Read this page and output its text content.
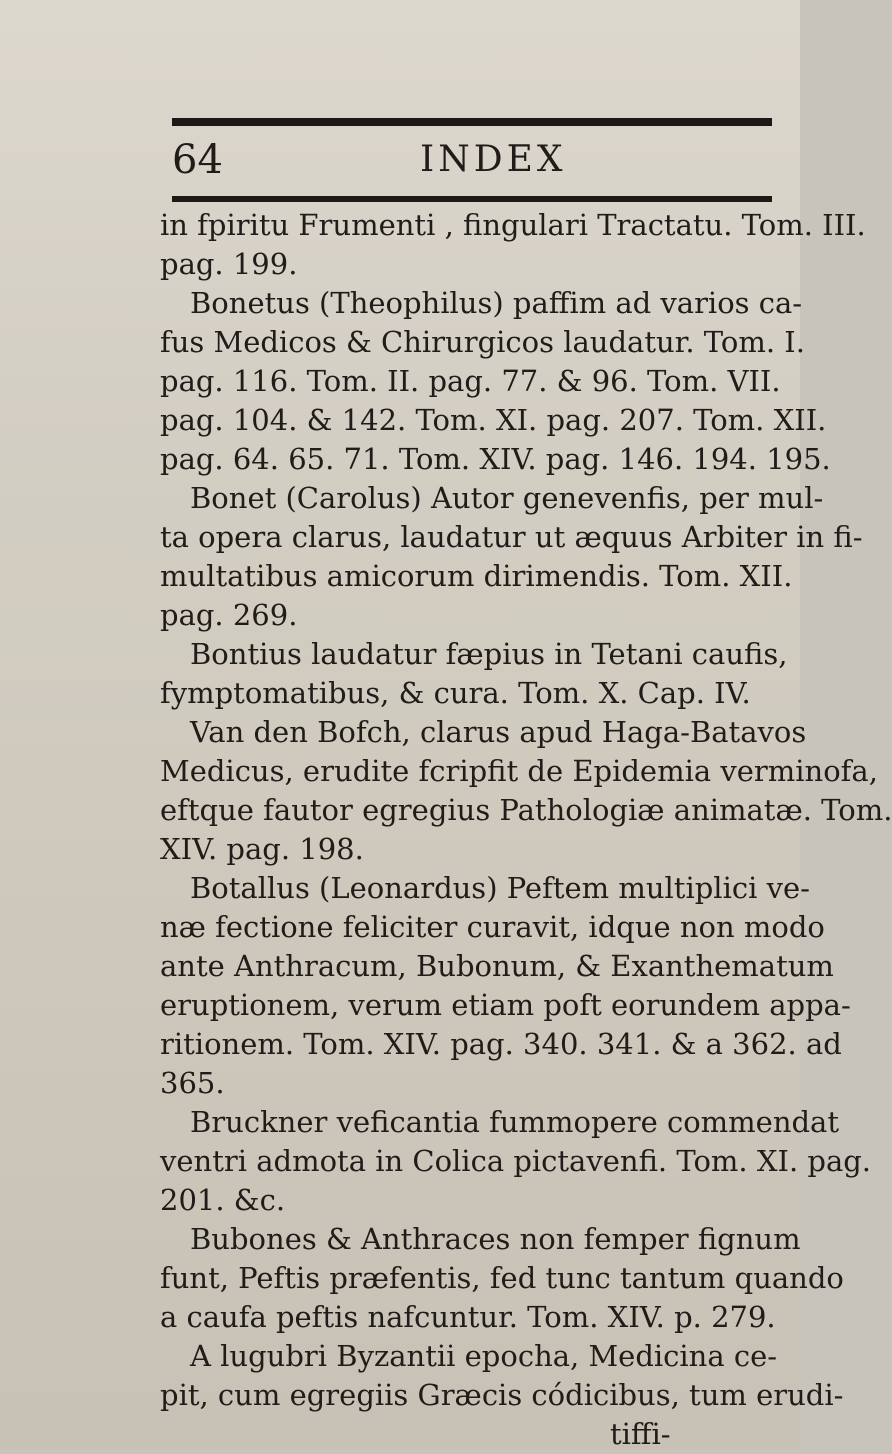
64	INDEX

in fpiritu Frumenti , fingulari Tractatu. Tom. III.

pag. 199.

Bonetus (Theophilus) paffim ad varios ca-

fus Medicos & Chirurgicos laudatur. Tom. I.

pag. 116. Tom. II. pag. 77. & 96. Tom. VII.

pag. 104. & 142. Tom. XI. pag. 207. Tom. XII.

pag. 64. 65. 71. Tom. XIV. pag. 146. 194. 195.

Bonet (Carolus) Autor genevenfis, per mul-

ta opera clarus, laudatur ut æquus Arbiter in fi-

multatibus amicorum dirimendis. Tom. XII.

pag. 269.

Bontius laudatur fæpius in Tetani caufis,

fymptomatibus, & cura. Tom. X. Cap. IV.

Van den Bofch, clarus apud Haga-Batavos

Medicus, erudite fcripfit de Epidemia verminofa,

eftque fautor egregius Pathologiæ animatæ. Tom.

XIV. pag. 198.

Botallus (Leonardus) Peftem multiplici ve-

næ fectione feliciter curavit, idque non modo

ante Anthracum, Bubonum, & Exanthematum

eruptionem, verum etiam poft eorundem appa-

ritionem. Tom. XIV. pag. 340. 341. & a 362. ad

365.

Bruckner veficantia fummopere commendat

ventri admota in Colica pictavenfi. Tom. XI. pag.

201. &c.

Bubones & Anthraces non femper fignum

funt, Peftis præfentis, fed tunc tantum quando

a caufa peftis nafcuntur. Tom. XIV. p. 279.

A lugubri Byzantii epocha, Medicina ce-

pit, cum egregiis Græcis códicibus, tum erudi-

tiffi-
